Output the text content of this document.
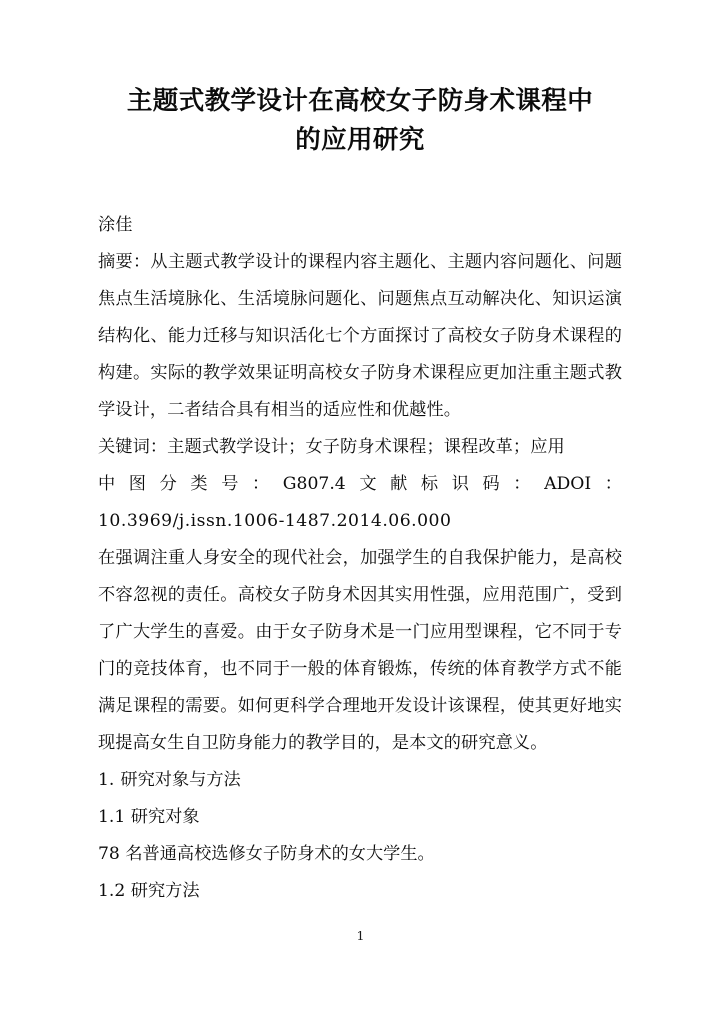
主题式教学设计在高校女子防身术课程中
的应用研究

涂佳

摘要：从主题式教学设计的课程内容主题化、主题内容问题化、问题焦点生活境脉化、生活境脉问题化、问题焦点互动解决化、知识运演结构化、能力迁移与知识活化七个方面探讨了高校女子防身术课程的构建。实际的教学效果证明高校女子防身术课程应更加注重主题式教学设计，二者结合具有相当的适应性和优越性。

关键词：主题式教学设计；女子防身术课程；课程改革；应用

中 图 分 类 号 ： G807.4 文 献 标 识 码 ： ADOI ：

10.3969/j.issn.1006-1487.2014.06.000

在强调注重人身安全的现代社会，加强学生的自我保护能力，是高校不容忽视的责任。高校女子防身术因其实用性强，应用范围广，受到了广大学生的喜爱。由于女子防身术是一门应用型课程，它不同于专门的竞技体育，也不同于一般的体育锻炼，传统的体育教学方式不能满足课程的需要。如何更科学合理地开发设计该课程，使其更好地实现提高女生自卫防身能力的教学目的，是本文的研究意义。

1. 研究对象与方法

1.1 研究对象

78 名普通高校选修女子防身术的女大学生。

1.2 研究方法

1
